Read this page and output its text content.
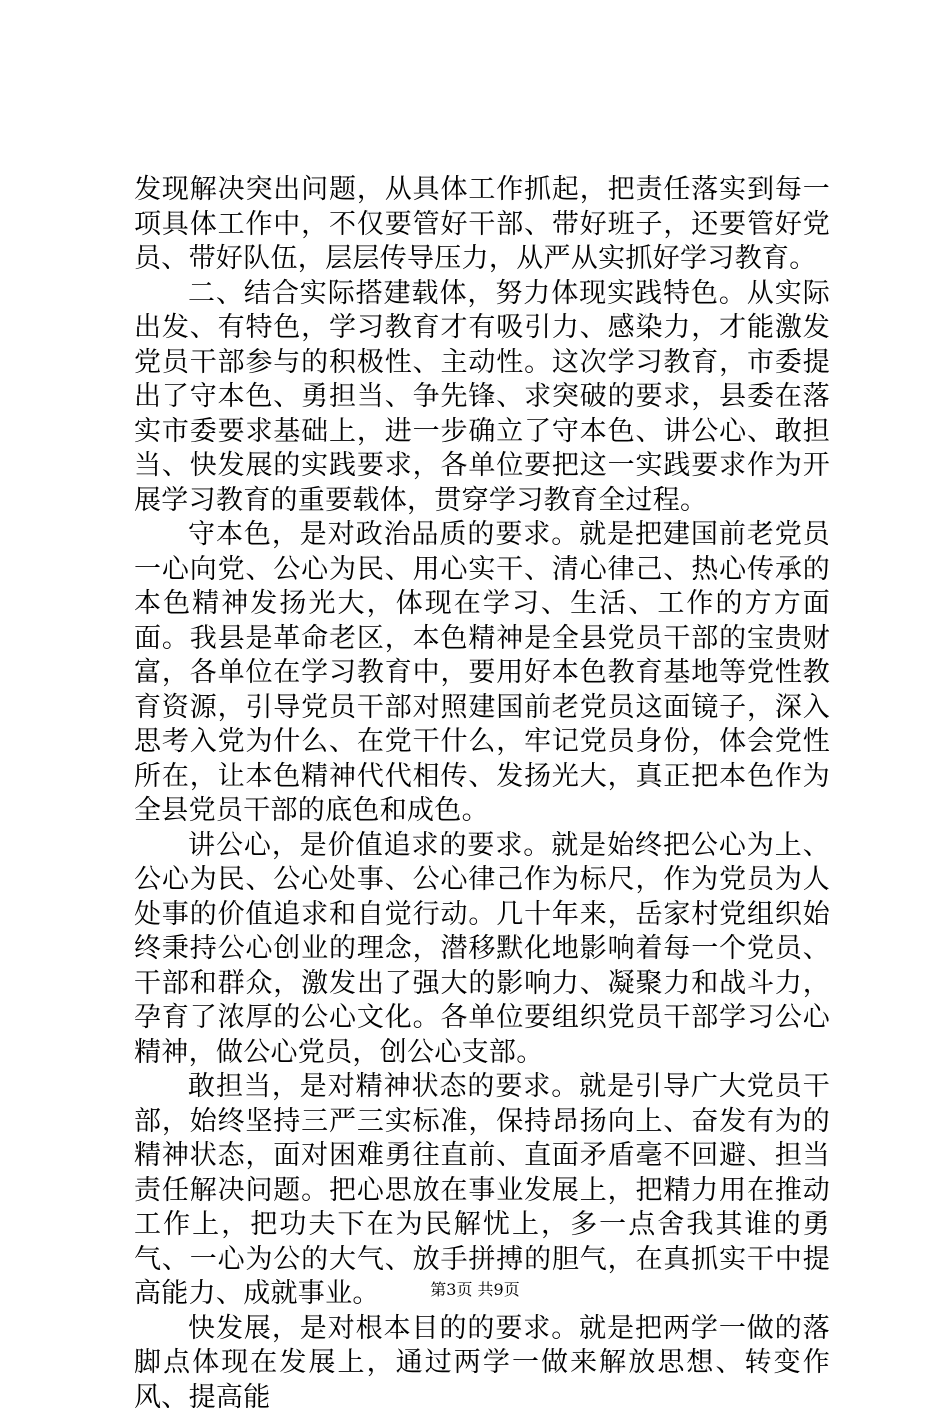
发现解决突出问题，从具体工作抓起，把责任落实到每一项具体工作中，不仅要管好干部、带好班子，还要管好党员、带好队伍，层层传导压力，从严从实抓好学习教育。

二、结合实际搭建载体，努力体现实践特色。从实际出发、有特色，学习教育才有吸引力、感染力，才能激发党员干部参与的积极性、主动性。这次学习教育，市委提出了守本色、勇担当、争先锋、求突破的要求，县委在落实市委要求基础上，进一步确立了守本色、讲公心、敢担当、快发展的实践要求，各单位要把这一实践要求作为开展学习教育的重要载体，贯穿学习教育全过程。

守本色，是对政治品质的要求。就是把建国前老党员一心向党、公心为民、用心实干、清心律己、热心传承的本色精神发扬光大，体现在学习、生活、工作的方方面面。我县是革命老区，本色精神是全县党员干部的宝贵财富，各单位在学习教育中，要用好本色教育基地等党性教育资源，引导党员干部对照建国前老党员这面镜子，深入思考入党为什么、在党干什么，牢记党员身份，体会党性所在，让本色精神代代相传、发扬光大，真正把本色作为全县党员干部的底色和成色。

讲公心，是价值追求的要求。就是始终把公心为上、公心为民、公心处事、公心律己作为标尺，作为党员为人处事的价值追求和自觉行动。几十年来，岳家村党组织始终秉持公心创业的理念，潜移默化地影响着每一个党员、干部和群众，激发出了强大的影响力、凝聚力和战斗力，孕育了浓厚的公心文化。各单位要组织党员干部学习公心精神，做公心党员，创公心支部。

敢担当，是对精神状态的要求。就是引导广大党员干部，始终坚持三严三实标准，保持昂扬向上、奋发有为的精神状态，面对困难勇往直前、直面矛盾毫不回避、担当责任解决问题。把心思放在事业发展上，把精力用在推动工作上，把功夫下在为民解忧上，多一点舍我其谁的勇气、一心为公的大气、放手拼搏的胆气，在真抓实干中提高能力、成就事业。

快发展，是对根本目的的要求。就是把两学一做的落脚点体现在发展上，通过两学一做来解放思想、转变作风、提高能

第3页 共9页
